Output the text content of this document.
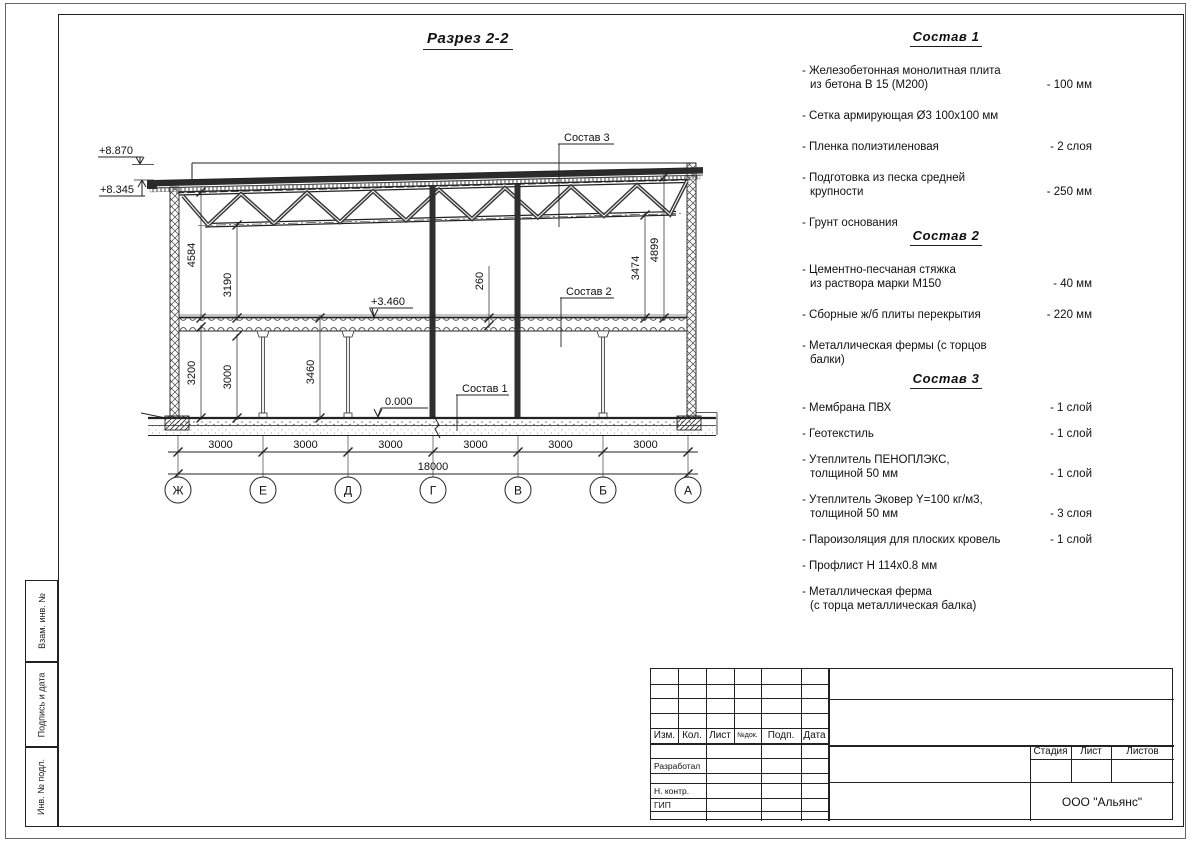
Взам. инв. №
Подпись и дата
Инв. № подл.
Разрез 2-2
+8.870
+8.345
+3.460
0.000
Состав 3
Состав 2
Состав 1
4584
3190	260
3474
4899
3200 3000	3460
3000	3000	3000	3000	3000	3000
18000
Ж	Е	Д	Г	В	Б	А
Состав 1
- Железобетонная монолитная плита
из бетона В 15 (М200)	- 100 мм
- Сетка армирующая Ø3 100х100 мм
- Пленка полиэтиленовая	- 2 слоя
- Подготовка из песка средней
крупности	- 250 мм
- Грунт основания
Состав 2
- Цементно-песчаная стяжка
из раствора марки М150	- 40 мм
- Сборные ж/б плиты перекрытия	- 220 мм
- Металлическая фермы (с торцов балки)
Состав 3
- Мембрана ПВХ	- 1 слой
- Геотекстиль	- 1 слой
- Утеплитель ПЕНОПЛЭКС,
толщиной 50 мм	- 1 слой
- Утеплитель Эковер Y=100 кг/м3,
толщиной 50 мм	- 3 слоя
- Пароизоляция для плоских кровель	- 1 слой
- Профлист Н 114х0.8 мм
- Металлическая ферма
(с торца металлическая балка)
Изм. Кол. Лист №док. Подп. Дата
Разработал
Н. контр.
ГИП
Стадия	Лист	Листов
ООО "Альянс"
